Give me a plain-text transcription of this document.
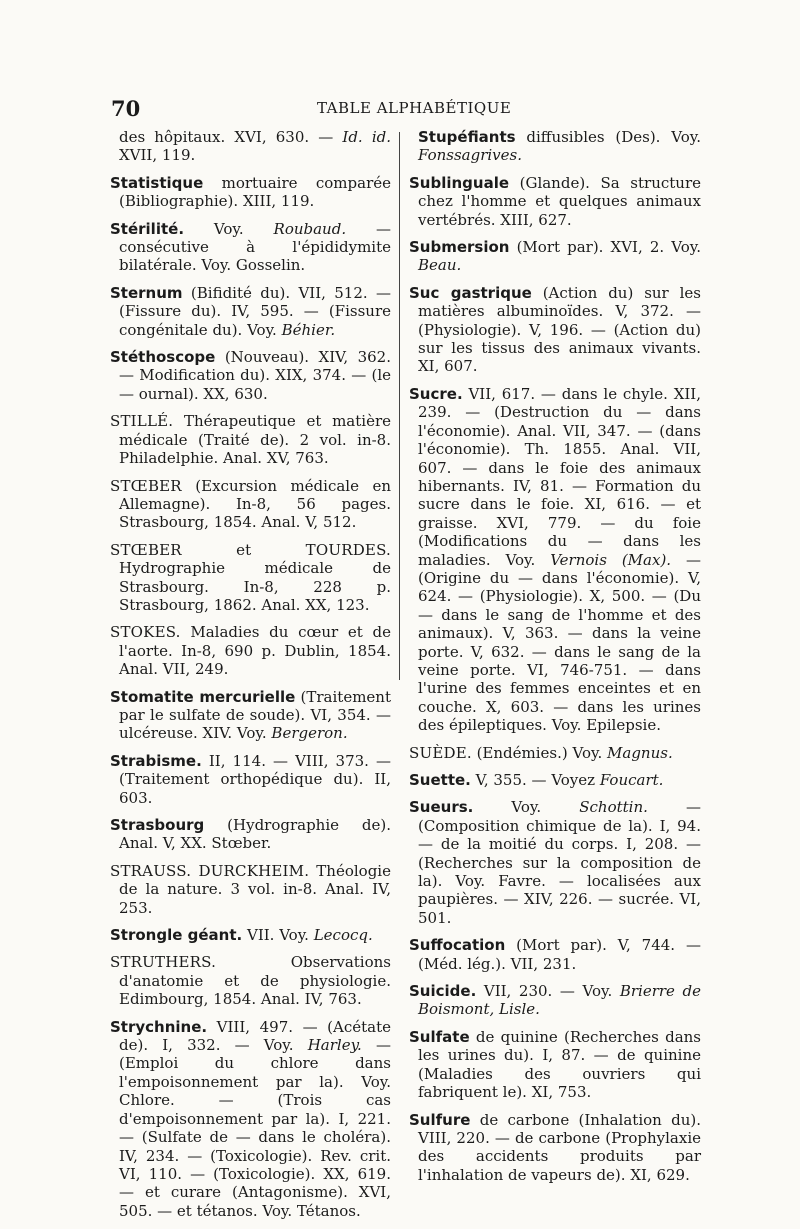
70	TABLE ALPHABÉTIQUE

des hôpitaux. XVI, 630. — Id. id. XVII, 119.

Statistique mortuaire comparée (Bibliographie). XIII, 119.

Stérilité. Voy. Roubaud. — consécutive à l'épididymite bilatérale. Voy. Gosselin.

Sternum (Bifidité du). VII, 512. — (Fissure du). IV, 595. — (Fissure congénitale du). Voy. Béhier.

Stéthoscope (Nouveau). XIV, 362. — Modification du). XIX, 374. — (le — ournal). XX, 630.

STILLÉ. Thérapeutique et matière médicale (Traité de). 2 vol. in-8. Philadelphie. Anal. XV, 763.

STŒBER (Excursion médicale en Allemagne). In-8, 56 pages. Strasbourg, 1854. Anal. V, 512.

STŒBER et TOURDES. Hydrographie médicale de Strasbourg. In-8, 228 p. Strasbourg, 1862. Anal. XX, 123.

STOKES. Maladies du cœur et de l'aorte. In-8, 690 p. Dublin, 1854. Anal. VII, 249.

Stomatite mercurielle (Traitement par le sulfate de soude). VI, 354. — ulcéreuse. XIV. Voy. Bergeron.

Strabisme. II, 114. — VIII, 373. —(Traitement orthopédique du). II, 603.

Strasbourg (Hydrographie de). Anal. V, XX. Stœber.

STRAUSS. DURCKHEIM. Théologie de la nature. 3 vol. in-8. Anal. IV, 253.

Strongle géant. VII. Voy. Lecocq.

STRUTHERS. Observations d'anatomie et de physiologie. Edimbourg, 1854. Anal. IV, 763.

Strychnine. VIII, 497. — (Acétate de). I, 332. — Voy. Harley. — (Emploi du chlore dans l'empoisonnement par la). Voy. Chlore. — (Trois cas d'empoisonnement par la). I, 221. — (Sulfate de — dans le choléra). IV, 234. — (Toxicologie). Rev. crit. VI, 110. — (Toxicologie). XX, 619. — et curare (Antagonisme). XVI, 505. — et tétanos. Voy. Tétanos.

Stupéfiants diffusibles (Des). Voy. Fonssagrives.

Sublinguale (Glande). Sa structure chez l'homme et quelques animaux vertébrés. XIII, 627.

Submersion (Mort par). XVI, 2. Voy. Beau.

Suc gastrique (Action du) sur les matières albuminoïdes. V, 372. — (Physiologie). V, 196. — (Action du) sur les tissus des animaux vivants. XI, 607.

Sucre. VII, 617. — dans le chyle. XII, 239. — (Destruction du — dans l'économie). Anal. VII, 347. — (dans l'économie). Th. 1855. Anal. VII, 607. — dans le foie des animaux hibernants. IV, 81. — Formation du sucre dans le foie. XI, 616. — et graisse. XVI, 779. — du foie (Modifications du — dans les maladies. Voy. Vernois (Max). — (Origine du — dans l'économie). V, 624. — (Physiologie). X, 500. — (Du — dans le sang de l'homme et des animaux). V, 363. — dans la veine porte. V, 632. — dans le sang de la veine porte. VI, 746-751. — dans l'urine des femmes enceintes et en couche. X, 603. — dans les urines des épileptiques. Voy. Epilepsie.

SUÈDE. (Endémies.) Voy. Magnus.

Suette. V, 355. — Voyez Foucart.

Sueurs. Voy. Schottin. — (Composition chimique de la). I, 94. — de la moitié du corps. I, 208. — (Recherches sur la composition de la). Voy. Favre. — localisées aux paupières. — XIV, 226. — sucrée. VI, 501.

Suffocation (Mort par). V, 744. — (Méd. lég.). VII, 231.

Suicide. VII, 230. — Voy. Brierre de Boismont, Lisle.

Sulfate de quinine (Recherches dans les urines du). I, 87. — de quinine (Maladies des ouvriers qui fabriquent le). XI, 753.

Sulfure de carbone (Inhalation du). VIII, 220. — de carbone (Prophylaxie des accidents produits par l'inhalation de vapeurs de). XI, 629.
